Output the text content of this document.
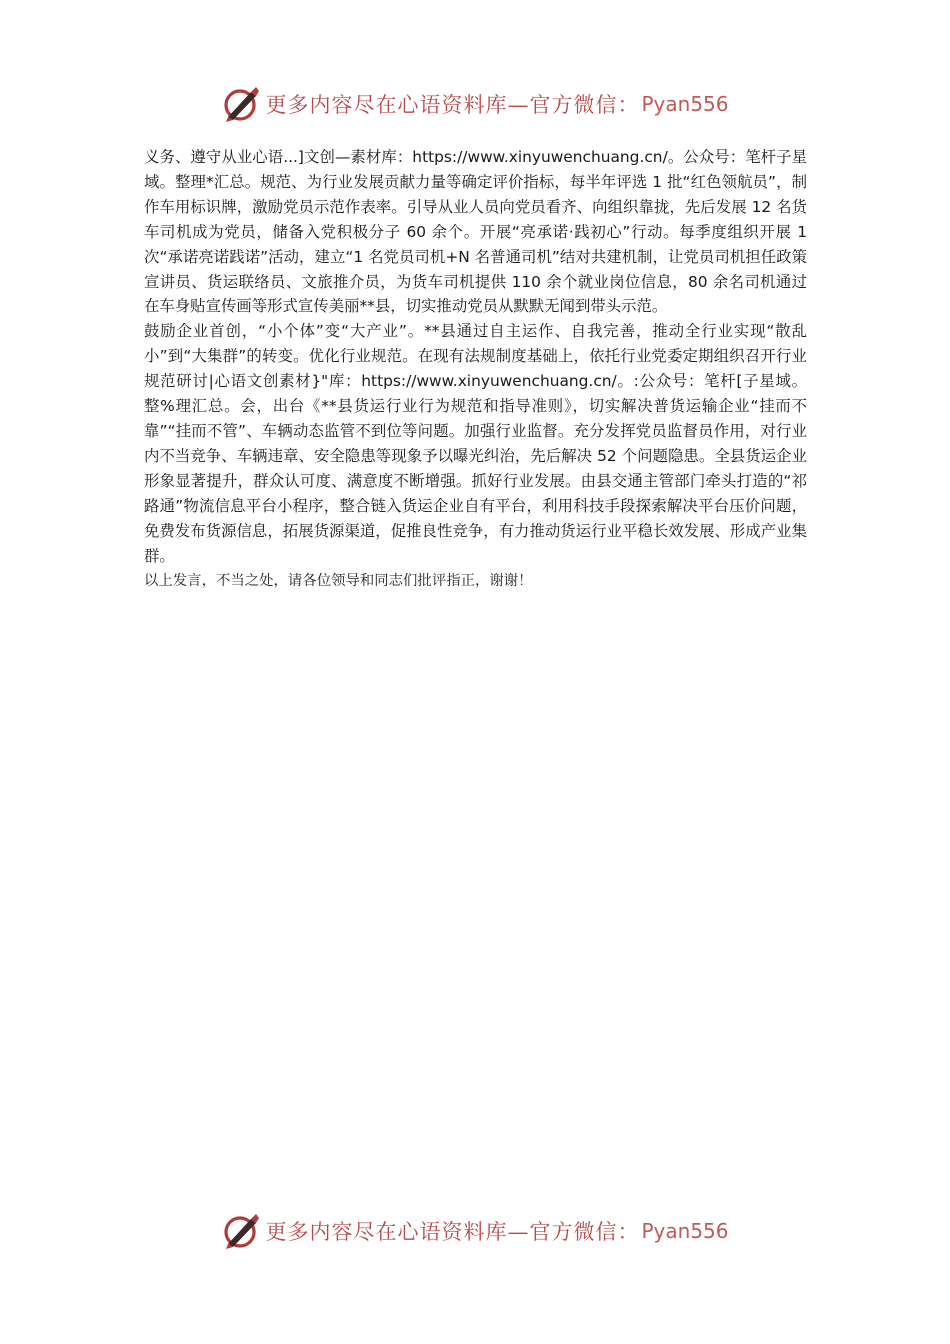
更多内容尽在心语资料库—官方微信： Pyan556

义务、遵守从业心语...]文创—素材库：https://www.xinyuwenchuang.cn/。公众号：笔杆子星域。整理*汇总。规范、为行业发展贡献力量等确定评价指标，每半年评选 1 批“红色领航员”，制作车用标识牌，激励党员示范作表率。引导从业人员向党员看齐、向组织靠拢，先后发展 12 名货车司机成为党员，储备入党积极分子 60 余个。开展“亮承诺·践初心”行动。每季度组织开展 1 次“承诺亮诺践诺”活动，建立“1 名党员司机+N 名普通司机”结对共建机制，让党员司机担任政策宣讲员、货运联络员、文旅推介员，为货车司机提供 110 余个就业岗位信息，80 余名司机通过在车身贴宣传画等形式宣传美丽**县，切实推动党员从默默无闻到带头示范。

鼓励企业首创，“小个体”变“大产业”。**县通过自主运作、自我完善，推动全行业实现“散乱小”到“大集群”的转变。优化行业规范。在现有法规制度基础上，依托行业党委定期组织召开行业规范研讨|心语文创素材}"库：https://www.xinyuwenchuang.cn/。:公众号：笔杆[子星域。整%理汇总。会，出台《**县货运行业行为规范和指导准则》，切实解决普货运输企业“挂而不靠”“挂而不管”、车辆动态监管不到位等问题。加强行业监督。充分发挥党员监督员作用，对行业内不当竞争、车辆违章、安全隐患等现象予以曝光纠治，先后解决 52 个问题隐患。全县货运企业形象显著提升，群众认可度、满意度不断增强。抓好行业发展。由县交通主管部门牵头打造的“祁路通”物流信息平台小程序，整合链入货运企业自有平台，利用科技手段探索解决平台压价问题，免费发布货源信息，拓展货源渠道，促推良性竞争，有力推动货运行业平稳长效发展、形成产业集群。

以上发言，不当之处，请各位领导和同志们批评指正，谢谢！

更多内容尽在心语资料库—官方微信： Pyan556
